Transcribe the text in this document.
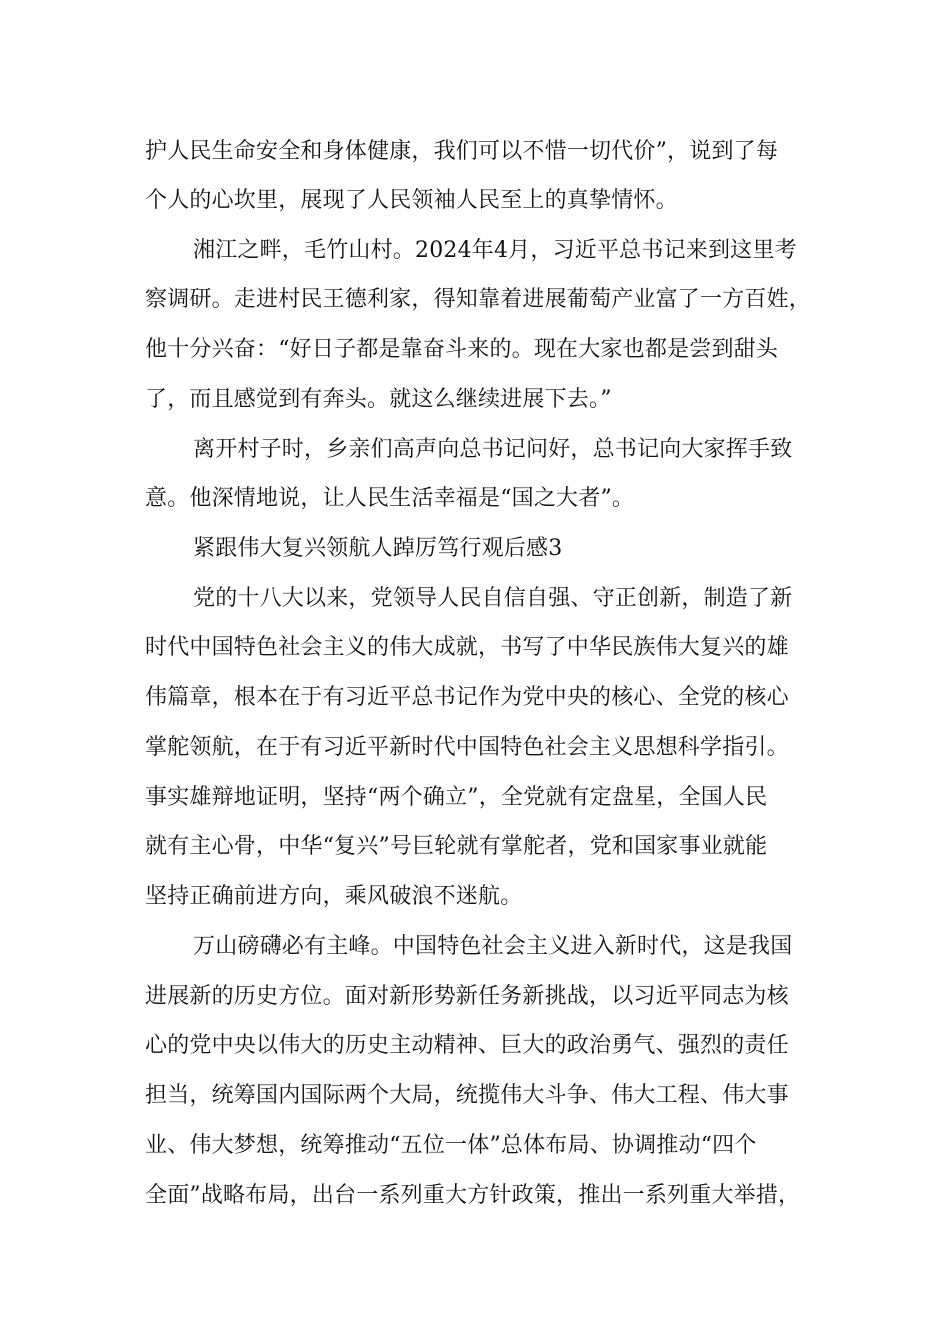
护人民生命安全和身体健康，我们可以不惜一切代价”，说到了每
个人的心坎里，展现了人民领袖人民至上的真挚情怀。
湘江之畔，毛竹山村。2024年4月，习近平总书记来到这里考
察调研。走进村民王德利家，得知靠着进展葡萄产业富了一方百姓，
他十分兴奋：“好日子都是靠奋斗来的。现在大家也都是尝到甜头
了，而且感觉到有奔头。就这么继续进展下去。”
离开村子时，乡亲们高声向总书记问好，总书记向大家挥手致
意。他深情地说，让人民生活幸福是“国之大者”。
紧跟伟大复兴领航人踔厉笃行观后感3
党的十八大以来，党领导人民自信自强、守正创新，制造了新
时代中国特色社会主义的伟大成就，书写了中华民族伟大复兴的雄
伟篇章，根本在于有习近平总书记作为党中央的核心、全党的核心
掌舵领航，在于有习近平新时代中国特色社会主义思想科学指引。
事实雄辩地证明，坚持“两个确立”，全党就有定盘星，全国人民
就有主心骨，中华“复兴”号巨轮就有掌舵者，党和国家事业就能
坚持正确前进方向，乘风破浪不迷航。
万山磅礴必有主峰。中国特色社会主义进入新时代，这是我国
进展新的历史方位。面对新形势新任务新挑战，以习近平同志为核
心的党中央以伟大的历史主动精神、巨大的政治勇气、强烈的责任
担当，统筹国内国际两个大局，统揽伟大斗争、伟大工程、伟大事
业、伟大梦想，统筹推动“五位一体”总体布局、协调推动“四个
全面”战略布局，出台一系列重大方针政策，推出一系列重大举措，
